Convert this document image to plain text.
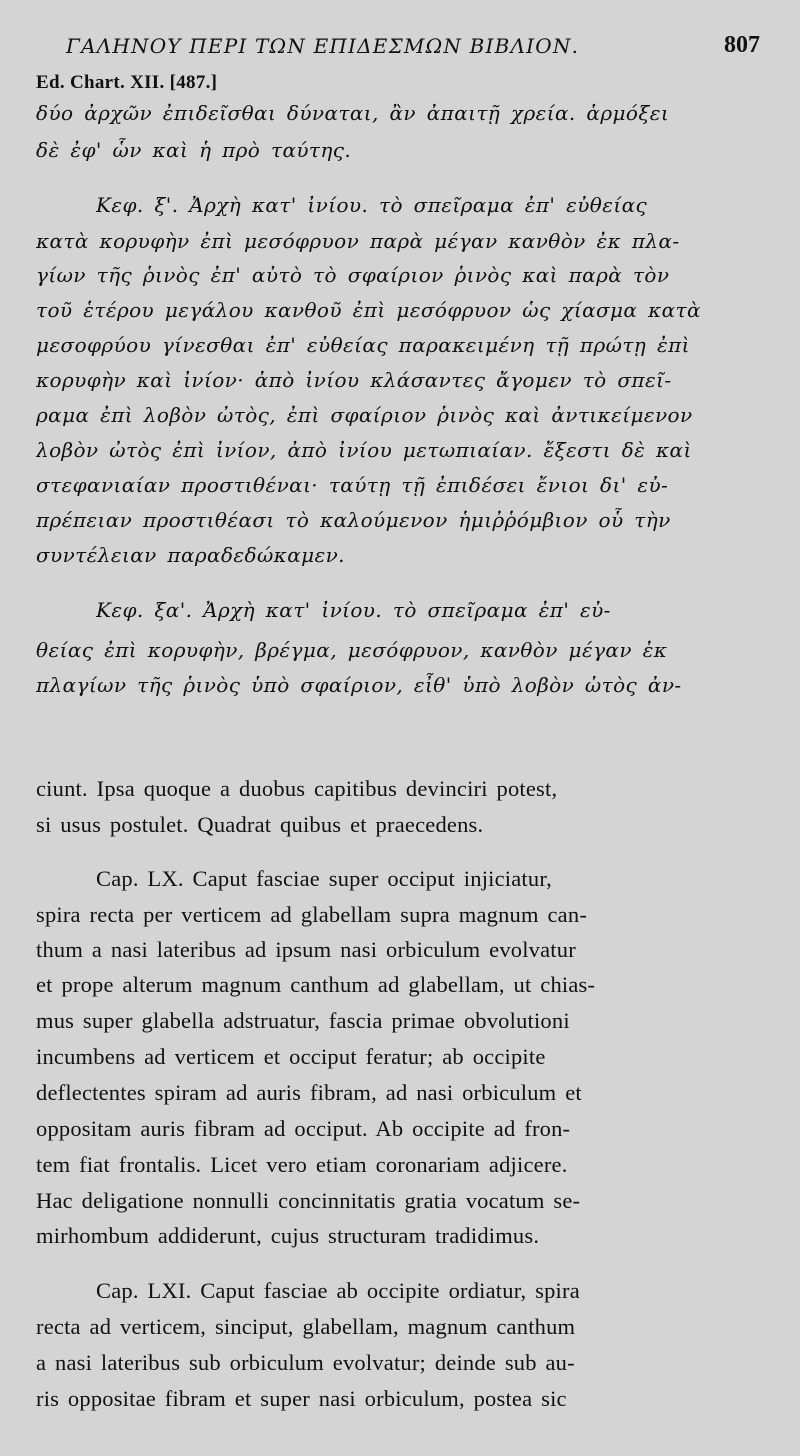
ΓΑΛΗΝΟΥ ΠΕΡΙ ΤΩΝ ΕΠΙΔΕΣΜΩΝ ΒΙΒΛΙΟΝ.	807
Ed. Chart. XII. [487.]
δύο ἀρχῶν ἐπιδεῖσθαι δύναται, ἂν ἀπαιτῇ χρεία. ἁρμόξει
δὲ ἐφ' ὧν καὶ ἡ πρὸ ταύτης.
Κεφ. ξ'. Ἀρχὴ κατ' ἰνίου. τὸ σπεῖραμα ἐπ' εὐθείας
κατὰ κορυφὴν ἐπὶ μεσόφρυον παρὰ μέγαν κανθὸν ἐκ πλα-
γίων τῆς ῥινὸς ἐπ' αὐτὸ τὸ σφαίριον ῥινὸς καὶ παρὰ τὸν
τοῦ ἑτέρου μεγάλου κανθοῦ ἐπὶ μεσόφρυον ὡς χίασμα κατὰ
μεσοφρύου γίνεσθαι ἐπ' εὐθείας παρακειμένη τῇ πρώτῃ ἐπὶ
κορυφὴν καὶ ἰνίον· ἀπὸ ἰνίου κλάσαντες ἄγομεν τὸ σπεῖ-
ραμα ἐπὶ λοβὸν ὠτὸς, ἐπὶ σφαίριον ῥινὸς καὶ ἀντικείμενον
λοβὸν ὠτὸς ἐπὶ ἰνίον, ἀπὸ ἰνίου μετωπιαίαν. ἔξεστι δὲ καὶ
στεφανιαίαν προστιθέναι· ταύτῃ τῇ ἐπιδέσει ἔνιοι δι' εὐ-
πρέπειαν προστιθέασι τὸ καλούμενον ἡμιῤῥόμβιον οὗ τὴν
συντέλειαν παραδεδώκαμεν.
Κεφ. ξα'. Ἀρχὴ κατ' ἰνίου. τὸ σπεῖραμα ἐπ' εὐ-
θείας ἐπὶ κορυφὴν, βρέγμα, μεσόφρυον, κανθὸν μέγαν ἐκ
πλαγίων τῆς ῥινὸς ὑπὸ σφαίριον, εἶθ' ὑπὸ λοβὸν ὠτὸς ἀν-
ciunt. Ipsa quoque a duobus capitibus devinciri potest,
si usus postulet. Quadrat quibus et praecedens.
Cap. LX. Caput fasciae super occiput injiciatur,
spira recta per verticem ad glabellam supra magnum can-
thum a nasi lateribus ad ipsum nasi orbiculum evolvatur
et prope alterum magnum canthum ad glabellam, ut chias-
mus super glabella adstruatur, fascia primae obvolutioni
incumbens ad verticem et occiput feratur; ab occipite
deflectentes spiram ad auris fibram, ad nasi orbiculum et
oppositam auris fibram ad occiput. Ab occipite ad fron-
tem fiat frontalis. Licet vero etiam coronariam adjicere.
Hac deligatione nonnulli concinnitatis gratia vocatum se-
mirhombum addiderunt, cujus structuram tradidimus.
Cap. LXI. Caput fasciae ab occipite ordiatur, spira
recta ad verticem, sinciput, glabellam, magnum canthum
a nasi lateribus sub orbiculum evolvatur; deinde sub au-
ris oppositae fibram et super nasi orbiculum, postea sic
